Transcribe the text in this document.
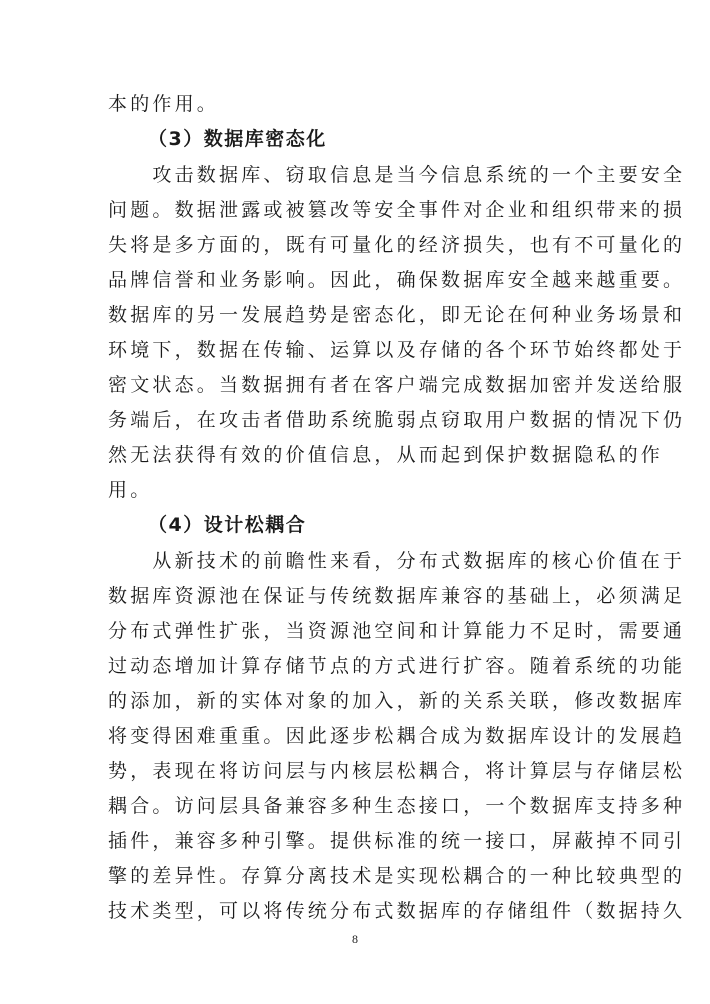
本的作用。
（3）数据库密态化
　　攻击数据库、窃取信息是当今信息系统的一个主要安全
问题。数据泄露或被篡改等安全事件对企业和组织带来的损
失将是多方面的，既有可量化的经济损失，也有不可量化的
品牌信誉和业务影响。因此，确保数据库安全越来越重要。
数据库的另一发展趋势是密态化，即无论在何种业务场景和
环境下，数据在传输、运算以及存储的各个环节始终都处于
密文状态。当数据拥有者在客户端完成数据加密并发送给服
务端后，在攻击者借助系统脆弱点窃取用户数据的情况下仍
然无法获得有效的价值信息，从而起到保护数据隐私的作
用。
（4）设计松耦合
　　从新技术的前瞻性来看，分布式数据库的核心价值在于
数据库资源池在保证与传统数据库兼容的基础上，必须满足
分布式弹性扩张，当资源池空间和计算能力不足时，需要通
过动态增加计算存储节点的方式进行扩容。随着系统的功能
的添加，新的实体对象的加入，新的关系关联，修改数据库
将变得困难重重。因此逐步松耦合成为数据库设计的发展趋
势，表现在将访问层与内核层松耦合，将计算层与存储层松
耦合。访问层具备兼容多种生态接口，一个数据库支持多种
插件，兼容多种引擎。提供标准的统一接口，屏蔽掉不同引
擎的差异性。存算分离技术是实现松耦合的一种比较典型的
技术类型，可以将传统分布式数据库的存储组件（数据持久
8
